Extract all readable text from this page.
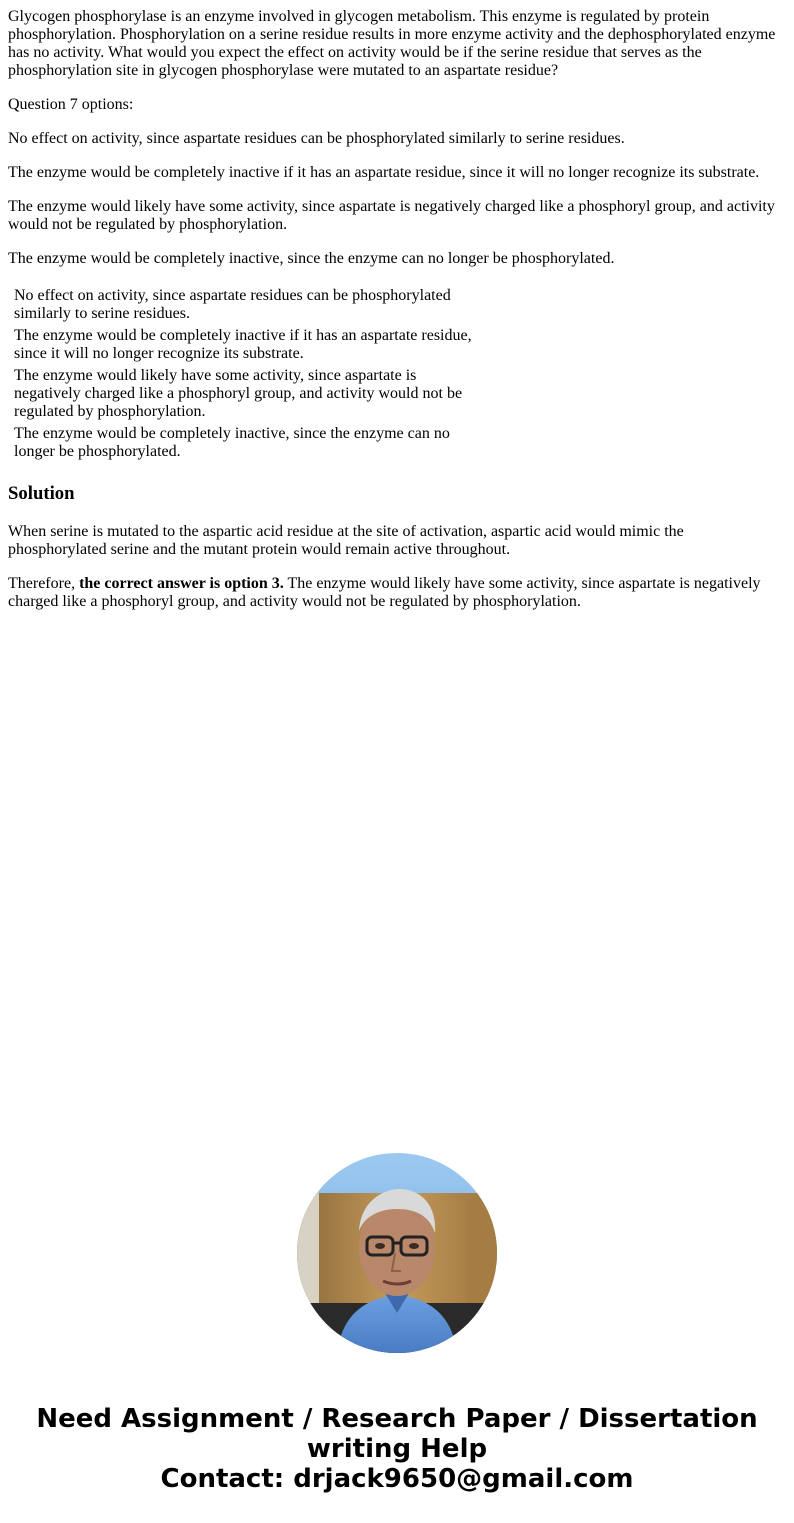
Glycogen phosphorylase is an enzyme involved in glycogen metabolism. This enzyme is regulated by protein phosphorylation. Phosphorylation on a serine residue results in more enzyme activity and the dephosphorylated enzyme has no activity. What would you expect the effect on activity would be if the serine residue that serves as the phosphorylation site in glycogen phosphorylase were mutated to an aspartate residue?

Question 7 options:

No effect on activity, since aspartate residues can be phosphorylated similarly to serine residues.

The enzyme would be completely inactive if it has an aspartate residue, since it will no longer recognize its substrate.

The enzyme would likely have some activity, since aspartate is negatively charged like a phosphoryl group, and activity would not be regulated by phosphorylation.

The enzyme would be completely inactive, since the enzyme can no longer be phosphorylated.

No effect on activity, since aspartate residues can be phosphorylated similarly to serine residues.
The enzyme would be completely inactive if it has an aspartate residue, since it will no longer recognize its substrate.
The enzyme would likely have some activity, since aspartate is negatively charged like a phosphoryl group, and activity would not be regulated by phosphorylation.
The enzyme would be completely inactive, since the enzyme can no longer be phosphorylated.
Solution

When serine is mutated to the aspartic acid residue at the site of activation, aspartic acid would mimic the phosphorylated serine and the mutant protein would remain active throughout.

Therefore, the correct answer is option 3. The enzyme would likely have some activity, since aspartate is negatively charged like a phosphoryl group, and activity would not be regulated by phosphorylation.

Need Assignment / Research Paper / Dissertation
writing Help
Contact: drjack9650@gmail.com
